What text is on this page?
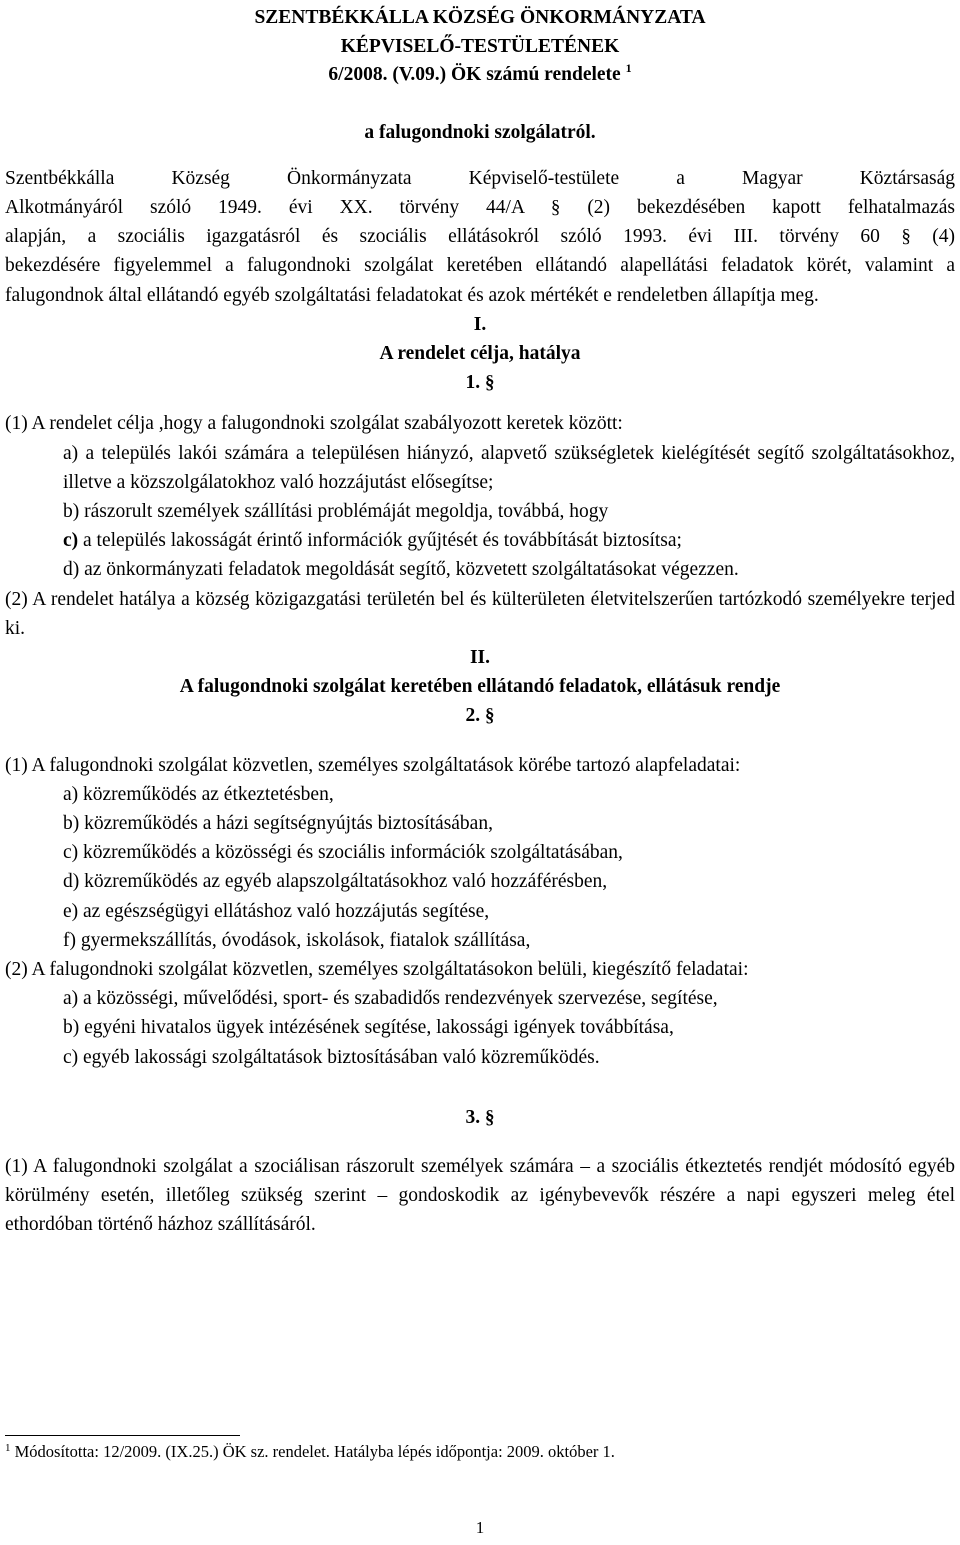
SZENTBÉKKÁLLA KÖZSÉG ÖNKORMÁNYZATA
KÉPVISELŐ-TESTÜLETÉNEK
6/2008. (V.09.) ÖK számú rendelete $^1$
a falugondnoki szolgálatról.
Szentbékkálla Község Önkormányzata Képviselő-testülete a Magyar Köztársaság
Alkotmányáról szóló 1949. évi XX. törvény 44/A § (2) bekezdésében kapott felhatalmazás
alapján, a szociális igazgatásról és szociális ellátásokról szóló 1993. évi III. törvény 60 § (4)
bekezdésére figyelemmel a falugondnoki szolgálat keretében ellátandó alapellátási feladatok körét, valamint a falugondnok által ellátandó egyéb szolgáltatási feladatokat és azok mértékét e rendeletben állapítja meg.
I.
A rendelet célja, hatálya
1. §
(1) A rendelet célja ,hogy a falugondnoki szolgálat szabályozott keretek között:
a) a település lakói számára a településen hiányzó, alapvető szükségletek kielégítését segítő szolgáltatásokhoz, illetve a közszolgálatokhoz való hozzájutást elősegítse;
b) rászorult személyek szállítási problémáját megoldja, továbbá, hogy
c) a település lakosságát érintő információk gyűjtését és továbbítását biztosítsa;
d) az önkormányzati feladatok megoldását segítő, közvetett szolgáltatásokat végezzen.
(2) A rendelet hatálya a község közigazgatási területén bel és külterületen életvitelszerűen tartózkodó személyekre terjed ki.
II.
A falugondnoki szolgálat keretében ellátandó feladatok, ellátásuk rendje
2. §
(1) A falugondnoki szolgálat közvetlen, személyes szolgáltatások körébe tartozó alapfeladatai:
a) közreműködés az étkeztetésben,
b) közreműködés a házi segítségnyújtás biztosításában,
c) közreműködés a közösségi és szociális információk szolgáltatásában,
d) közreműködés az egyéb alapszolgáltatásokhoz való hozzáférésben,
e) az egészségügyi ellátáshoz való hozzájutás segítése,
f) gyermekszállítás, óvodások, iskolások, fiatalok szállítása,
(2) A falugondnoki szolgálat közvetlen, személyes szolgáltatásokon belüli, kiegészítő feladatai:
a) a közösségi, művelődési, sport- és szabadidős rendezvények szervezése, segítése,
b) egyéni hivatalos ügyek intézésének segítése, lakossági igények továbbítása,
c) egyéb lakossági szolgáltatások biztosításában való közreműködés.
3. §
(1) A falugondnoki szolgálat a szociálisan rászorult személyek számára – a szociális étkeztetés rendjét módosító egyéb körülmény esetén, illetőleg szükség szerint – gondoskodik az igénybevevők részére a napi egyszeri meleg étel ethordóban történő házhoz szállításáról.
$^1$ Módosította: 12/2009. (IX.25.) ÖK sz. rendelet. Hatályba lépés időpontja: 2009. október 1.
1
